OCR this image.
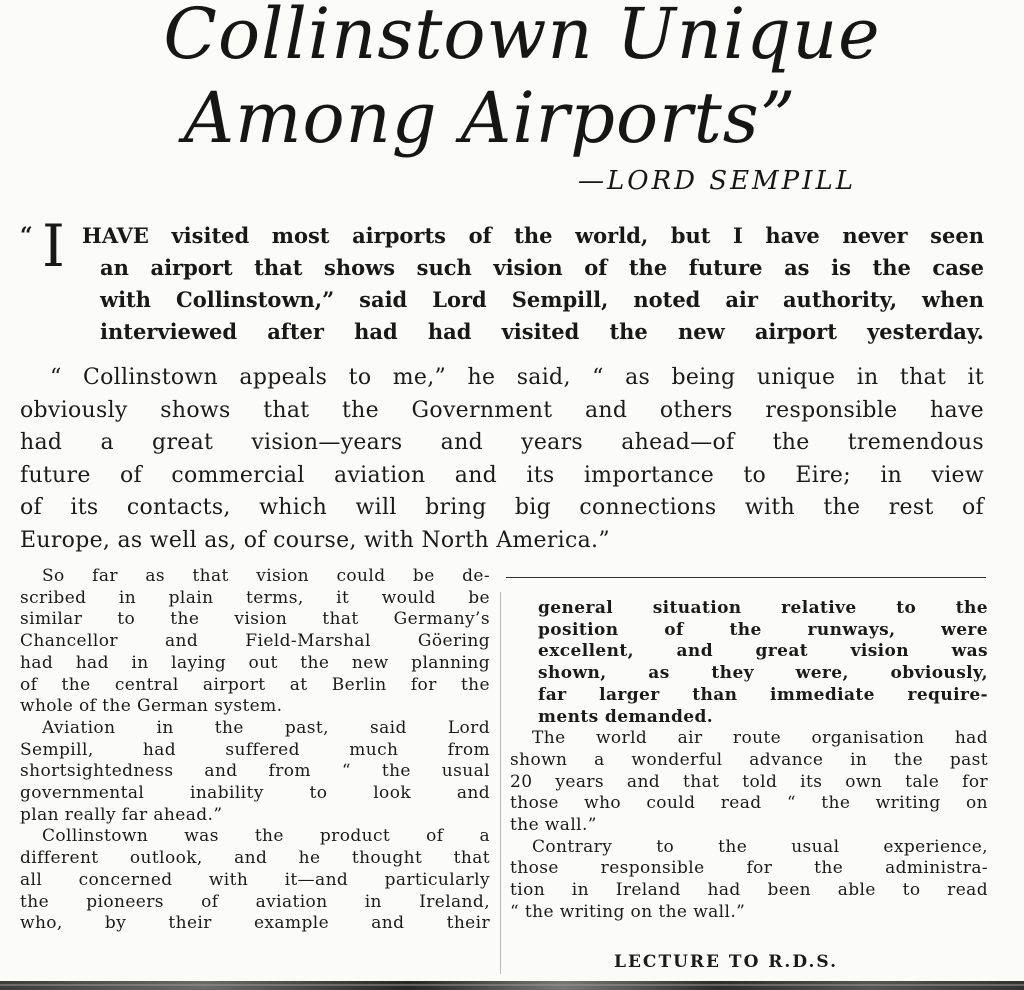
Collinstown Unique
Among Airports”
—LORD SEMPILL
“ I HAVE visited most airports of the world, but I have never seen
an airport that shows such vision of the future as is the case
with Collinstown,” said Lord Sempill, noted air authority, when
interviewed after had had visited the new airport yesterday.
“ Collinstown appeals to me,” he said, “ as being unique in that it
obviously shows that the Government and others responsible have
had a great vision—years and years ahead—of the tremendous
future of commercial aviation and its importance to Eire; in view
of its contacts, which will bring big connections with the rest of
Europe, as well as, of course, with North America.”
So far as that vision could be de-
scribed in plain terms, it would be
similar to the vision that Germany’s
Chancellor and Field-Marshal Göering
had had in laying out the new planning
of the central airport at Berlin for the
whole of the German system.
Aviation in the past, said Lord
Sempill, had suffered much from
shortsightedness and from “ the usual
governmental inability to look and
plan really far ahead.”
Collinstown was the product of a
different outlook, and he thought that
all concerned with it—and particularly
the pioneers of aviation in Ireland,
who, by their example and their
general situation relative to the
position of the runways, were
excellent, and great vision was
shown, as they were, obviously,
far larger than immediate require-
ments demanded.
The world air route organisation had
shown a wonderful advance in the past
20 years and that told its own tale for
those who could read “ the writing on
the wall.”
Contrary to the usual experience,
those responsible for the administra-
tion in Ireland had been able to read
“ the writing on the wall.”
LECTURE TO R.D.S.
